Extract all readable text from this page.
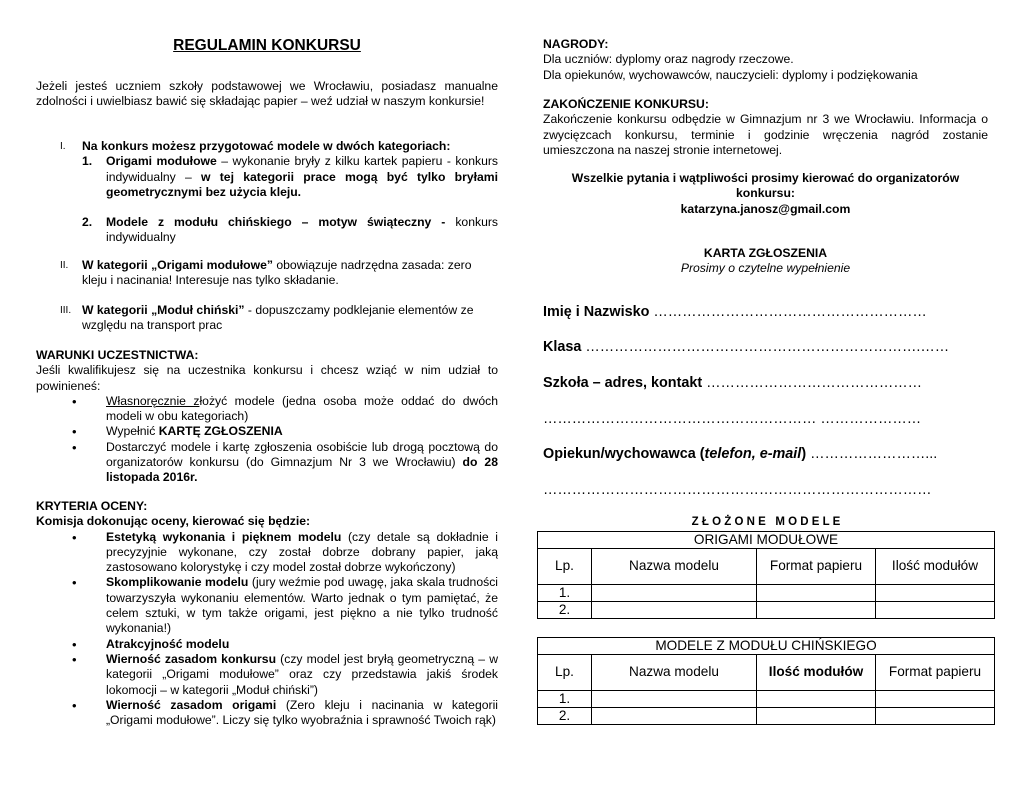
REGULAMIN KONKURSU
Jeżeli jesteś uczniem szkoły podstawowej we Wrocławiu, posiadasz manualne zdolności i uwielbiasz bawić się składając papier – weź udział w naszym konkursie!
I.	Na konkurs możesz przygotować modele w dwóch kategoriach:
1.	Origami modułowe – wykonanie bryły z kilku kartek papieru - konkurs indywidualny – w tej kategorii prace mogą być tylko bryłami geometrycznymi bez użycia kleju.
2.	Modele z modułu chińskiego – motyw świąteczny - konkurs indywidualny
II.	W kategorii „Origami modułowe” obowiązuje nadrzędna zasada: zero kleju i nacinania! Interesuje nas tylko składanie.
III. W kategorii „Moduł chiński” - dopuszczamy podklejanie elementów ze względu na transport prac

WARUNKI UCZESTNICTWA:

Jeśli kwalifikujesz się na uczestnika konkursu i chcesz wziąć w nim udział to powinieneś:

•	Własnoręcznie złożyć modele (jedna osoba może oddać do dwóch modeli w obu kategoriach)
•	Wypełnić KARTĘ ZGŁOSZENIA
•	Dostarczyć modele i kartę zgłoszenia osobiście lub drogą pocztową do organizatorów konkursu (do Gimnazjum Nr 3 we Wrocławiu) do 28 listopada 2016r.

KRYTERIA OCENY:

Komisja dokonując oceny, kierować się będzie:

•	Estetyką wykonania i pięknem modelu (czy detale są dokładnie i precyzyjnie wykonane, czy został dobrze dobrany papier, jaką zastosowano kolorystykę i czy model został dobrze wykończony)
•	Skomplikowanie modelu (jury weźmie pod uwagę, jaka skala trudności towarzyszyła wykonaniu elementów. Warto jednak o tym pamiętać, że celem sztuki, w tym także origami, jest piękno a nie tylko trudność wykonania!)
•	Atrakcyjność modelu
•	Wierność zasadom konkursu (czy model jest bryłą geometryczną – w kategorii „Origami modułowe” oraz czy przedstawia jakiś środek lokomocji – w kategorii „Moduł chiński”)
•	Wierność zasadom origami (Zero kleju i nacinania w kategorii „Origami modułowe”. Liczy się tylko wyobraźnia i sprawność Twoich rąk)

NAGRODY:

Dla uczniów: dyplomy oraz nagrody rzeczowe.

Dla opiekunów, wychowawców, nauczycieli: dyplomy i podziękowania

ZAKOŃCZENIE KONKURSU:

Zakończenie konkursu odbędzie w Gimnazjum nr 3 we Wrocławiu. Informacja o zwycięzcach konkursu, terminie i godzinie wręczenia nagród zostanie umieszczona na naszej stronie internetowej.

Wszelkie pytania i wątpliwości prosimy kierować do organizatorów konkursu:

katarzyna.janosz@gmail.com

KARTA ZGŁOSZENIA

Prosimy o czytelne wypełnienie

Imię i Nazwisko …………………………………………………
Klasa …………………………………………………………….……
Szkoła – adres, kontakt ………………………………………
………………………………………………… …………………
Opiekun/wychowawca (telefon, e-mail) ……………………...
………………………………………………………………………
Z Ł O Ż O N E   M O D E L E
ORIGAMI MODUŁOWE			
Lp.	Nazwa modelu	Format papieru	Ilość modułów
1.			
2.			
MODELE Z MODUŁU CHIŃSKIEGO			
Lp.	Nazwa modelu	Ilość modułów	Format papieru
1.			
2.			
